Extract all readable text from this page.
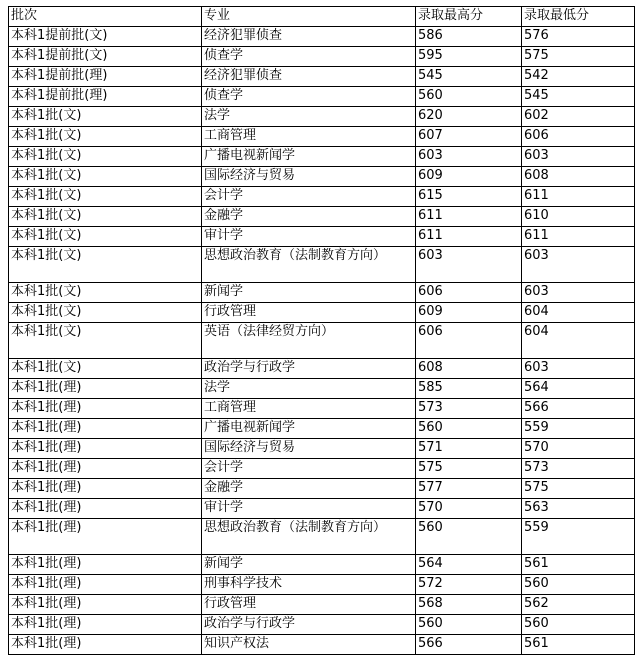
批次	专业	录取最高分	录取最低分
本科1提前批(文)	经济犯罪侦查	586	576
本科1提前批(文)	侦查学	595	575
本科1提前批(理)	经济犯罪侦查	545	542
本科1提前批(理)	侦查学	560	545
本科1批(文)	法学	620	602
本科1批(文)	工商管理	607	606
本科1批(文)	广播电视新闻学	603	603
本科1批(文)	国际经济与贸易	609	608
本科1批(文)	会计学	615	611
本科1批(文)	金融学	611	610
本科1批(文)	审计学	611	611
本科1批(文)	思想政治教育（法制教育方向）	603	603
本科1批(文)	新闻学	606	603
本科1批(文)	行政管理	609	604
本科1批(文)	英语（法律经贸方向）	606	604
本科1批(文)	政治学与行政学	608	603
本科1批(理)	法学	585	564
本科1批(理)	工商管理	573	566
本科1批(理)	广播电视新闻学	560	559
本科1批(理)	国际经济与贸易	571	570
本科1批(理)	会计学	575	573
本科1批(理)	金融学	577	575
本科1批(理)	审计学	570	563
本科1批(理)	思想政治教育（法制教育方向）	560	559
本科1批(理)	新闻学	564	561
本科1批(理)	刑事科学技术	572	560
本科1批(理)	行政管理	568	562
本科1批(理)	政治学与行政学	560	560
本科1批(理)	知识产权法	566	561
